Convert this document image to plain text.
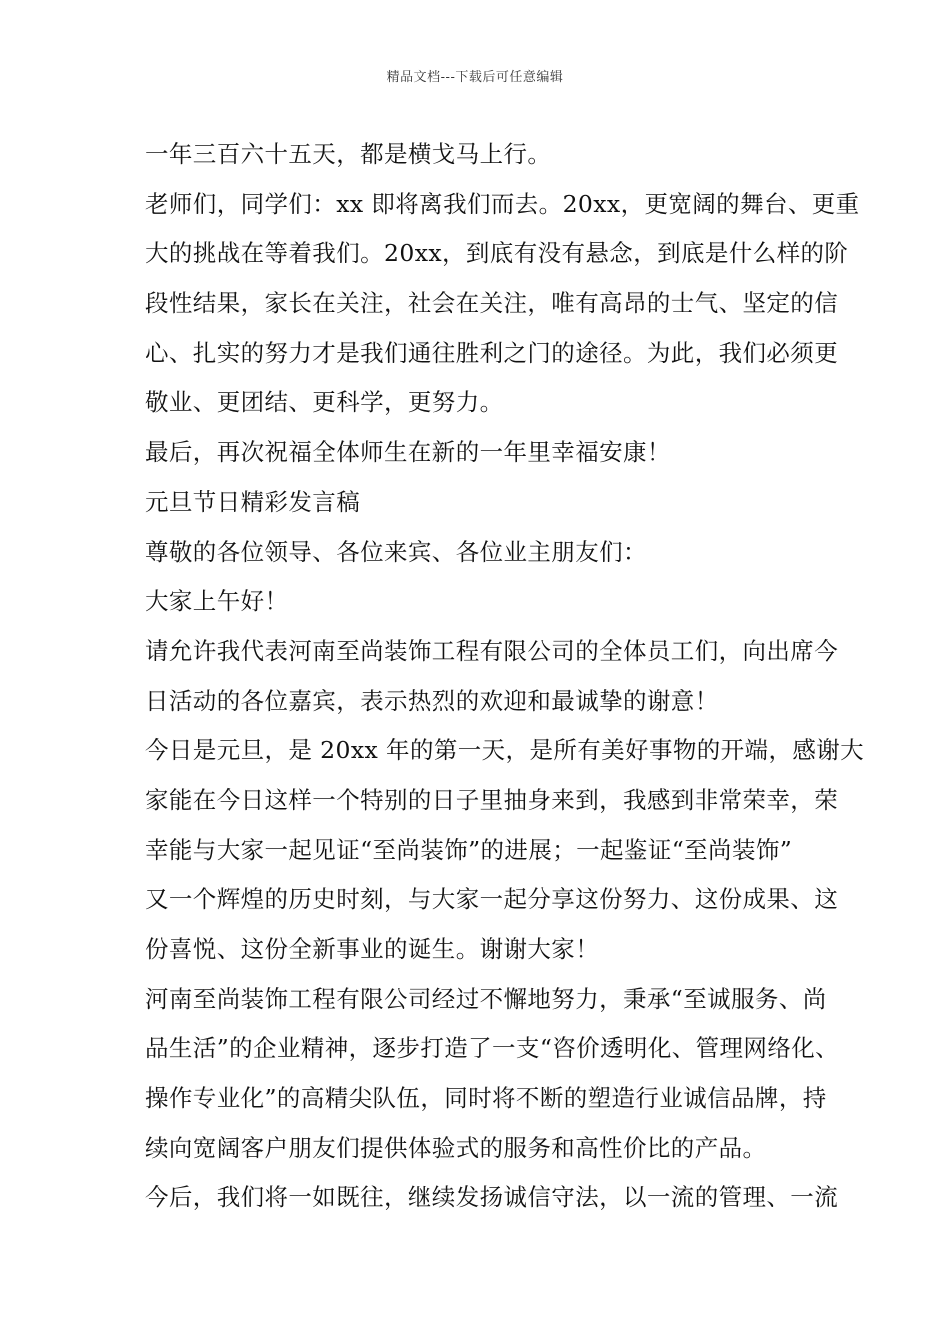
精品文档---下载后可任意编辑
一年三百六十五天，都是横戈马上行。
老师们，同学们：xx 即将离我们而去。20xx，更宽阔的舞台、更重
大的挑战在等着我们。20xx，到底有没有悬念，到底是什么样的阶
段性结果，家长在关注，社会在关注，唯有高昂的士气、坚定的信
心、扎实的努力才是我们通往胜利之门的途径。为此，我们必须更
敬业、更团结、更科学，更努力。
最后，再次祝福全体师生在新的一年里幸福安康！
元旦节日精彩发言稿
尊敬的各位领导、各位来宾、各位业主朋友们：
大家上午好！
请允许我代表河南至尚装饰工程有限公司的全体员工们，向出席今
日活动的各位嘉宾，表示热烈的欢迎和最诚挚的谢意！
今日是元旦，是 20xx 年的第一天，是所有美好事物的开端，感谢大
家能在今日这样一个特别的日子里抽身来到，我感到非常荣幸，荣
幸能与大家一起见证“至尚装饰”的进展；一起鉴证“至尚装饰”
又一个辉煌的历史时刻，与大家一起分享这份努力、这份成果、这
份喜悦、这份全新事业的诞生。谢谢大家！
河南至尚装饰工程有限公司经过不懈地努力，秉承“至诚服务、尚
品生活”的企业精神，逐步打造了一支“咨价透明化、管理网络化、
操作专业化”的高精尖队伍，同时将不断的塑造行业诚信品牌，持
续向宽阔客户朋友们提供体验式的服务和高性价比的产品。
今后，我们将一如既往，继续发扬诚信守法，以一流的管理、一流
